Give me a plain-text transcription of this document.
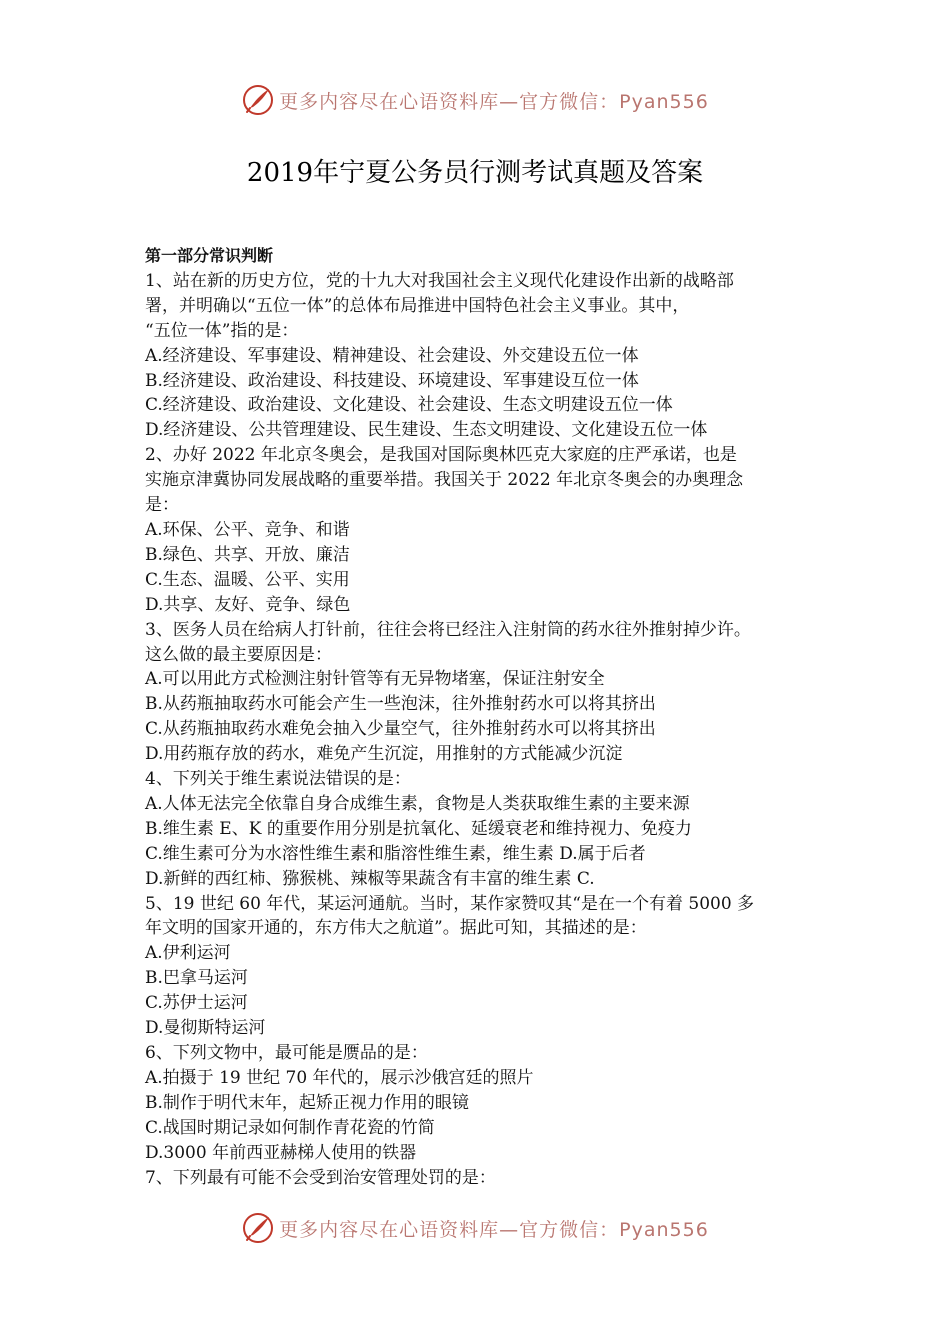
更多内容尽在心语资料库—官方微信：Pyan556
2019年宁夏公务员行测考试真题及答案

第一部分常识判断

1、站在新的历史方位，党的十九大对我国社会主义现代化建设作出新的战略部

署，并明确以“五位一体”的总体布局推进中国特色社会主义事业。其中，

“五位一体”指的是：

A.经济建设、军事建设、精神建设、社会建设、外交建设五位一体

B.经济建设、政治建设、科技建设、环境建设、军事建设互位一体

C.经济建设、政治建设、文化建设、社会建设、生态文明建设五位一体

D.经济建设、公共管理建设、民生建设、生态文明建设、文化建设五位一体

2、办好 2022 年北京冬奥会，是我国对国际奥林匹克大家庭的庄严承诺，也是

实施京津冀协同发展战略的重要举措。我国关于 2022 年北京冬奥会的办奥理念

是：

A.环保、公平、竞争、和谐

B.绿色、共享、开放、廉洁

C.生态、温暖、公平、实用

D.共享、友好、竞争、绿色

3、医务人员在给病人打针前，往往会将已经注入注射筒的药水往外推射掉少许。

这么做的最主要原因是：

A.可以用此方式检测注射针管等有无异物堵塞，保证注射安全

B.从药瓶抽取药水可能会产生一些泡沫，往外推射药水可以将其挤出

C.从药瓶抽取药水难免会抽入少量空气，往外推射药水可以将其挤出

D.用药瓶存放的药水，难免产生沉淀，用推射的方式能减少沉淀

4、下列关于维生素说法错误的是：

A.人体无法完全依靠自身合成维生素，食物是人类获取维生素的主要来源

B.维生素 E、K 的重要作用分别是抗氧化、延缓衰老和维持视力、免疫力

C.维生素可分为水溶性维生素和脂溶性维生素，维生素 D.属于后者

D.新鲜的西红柿、猕猴桃、辣椒等果蔬含有丰富的维生素 C.

5、19 世纪 60 年代，某运河通航。当时，某作家赞叹其“是在一个有着 5000 多

年文明的国家开通的，东方伟大之航道”。据此可知，其描述的是：

A.伊利运河

B.巴拿马运河

C.苏伊士运河

D.曼彻斯特运河

6、下列文物中，最可能是赝品的是：

A.拍摄于 19 世纪 70 年代的，展示沙俄宫廷的照片

B.制作于明代末年，起矫正视力作用的眼镜

C.战国时期记录如何制作青花瓷的竹简

D.3000 年前西亚赫梯人使用的铁器

7、下列最有可能不会受到治安管理处罚的是：

更多内容尽在心语资料库—官方微信：Pyan556
